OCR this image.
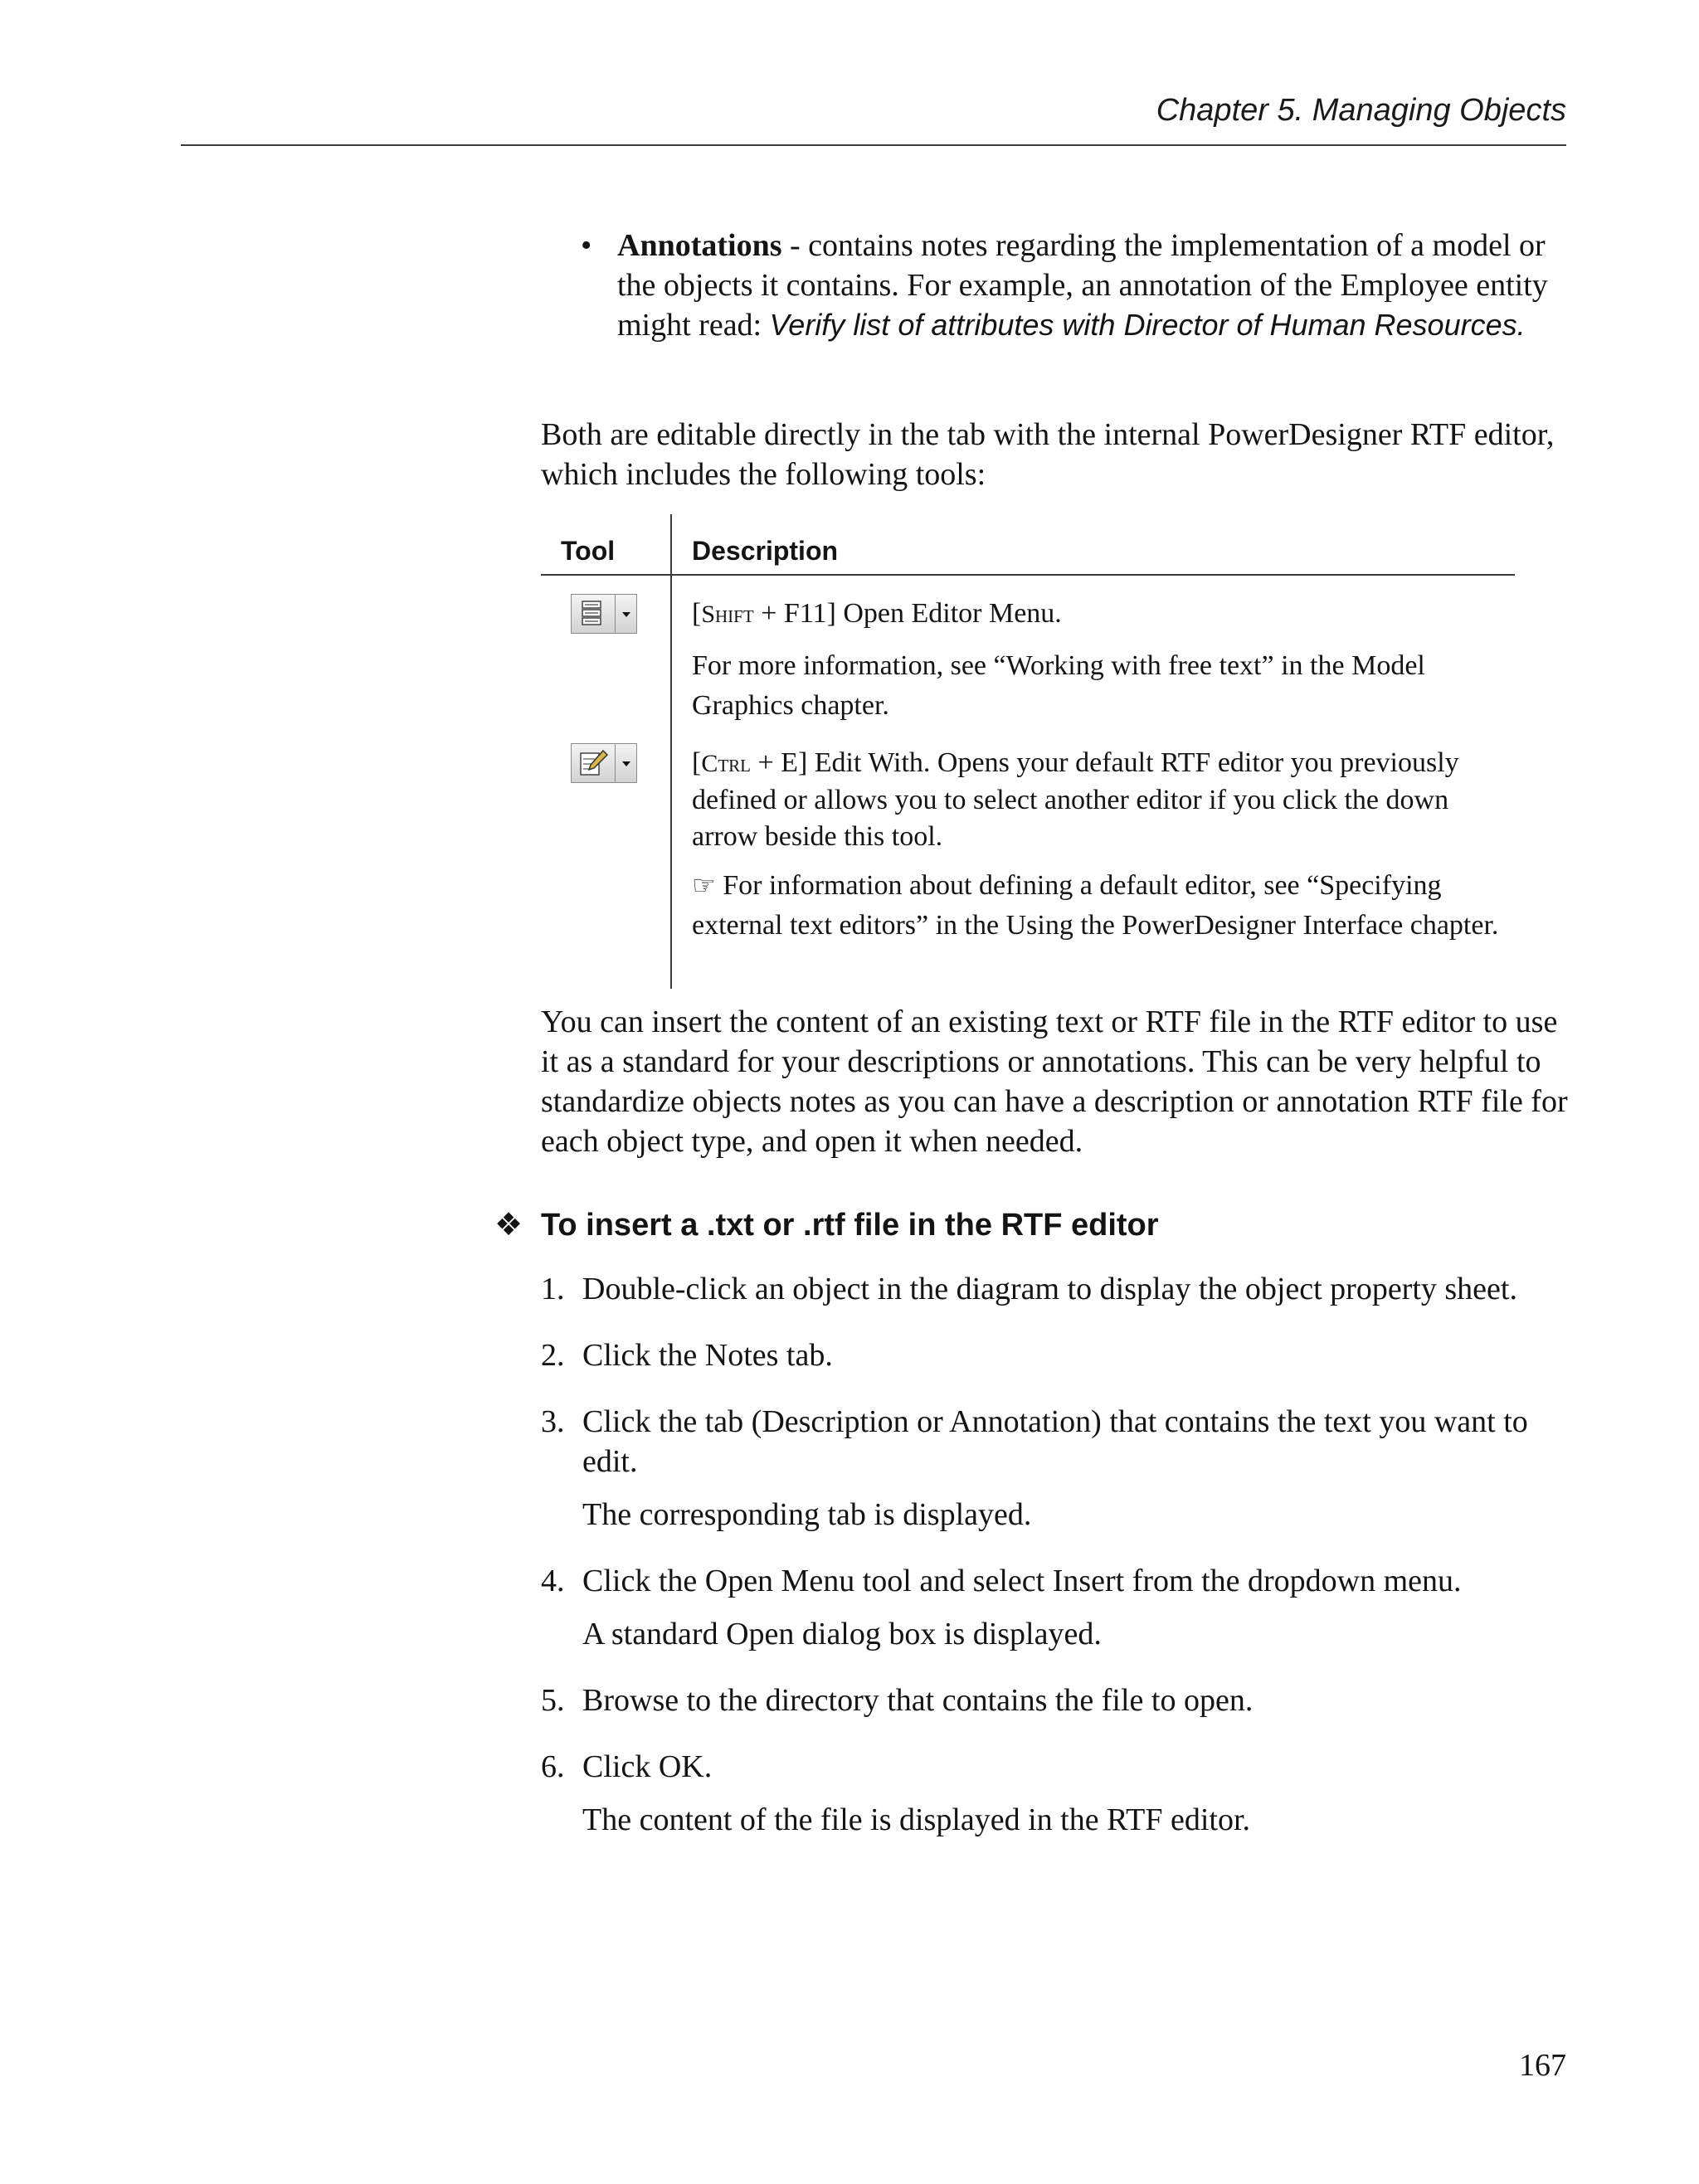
Chapter 5. Managing Objects
• Annotations - contains notes regarding the implementation of a model or the objects it contains. For example, an annotation of the Employee entity might read: Verify list of attributes with Director of Human Resources.
Both are editable directly in the tab with the internal PowerDesigner RTF editor, which includes the following tools:
Tool	Description
[Shift + F11] Open Editor Menu.
For more information, see “Working with free text” in the Model Graphics chapter.
[Ctrl + E] Edit With. Opens your default RTF editor you previously defined or allows you to select another editor if you click the down arrow beside this tool.
☞ For information about defining a default editor, see “Specifying external text editors” in the Using the PowerDesigner Interface chapter.
You can insert the content of an existing text or RTF file in the RTF editor to use it as a standard for your descriptions or annotations. This can be very helpful to standardize objects notes as you can have a description or annotation RTF file for each object type, and open it when needed.
❖ To insert a .txt or .rtf file in the RTF editor
1. Double-click an object in the diagram to display the object property sheet.
2. Click the Notes tab.
3. Click the tab (Description or Annotation) that contains the text you want to edit.
The corresponding tab is displayed.
4. Click the Open Menu tool and select Insert from the dropdown menu.
A standard Open dialog box is displayed.
5. Browse to the directory that contains the file to open.
6. Click OK.
The content of the file is displayed in the RTF editor.
167
